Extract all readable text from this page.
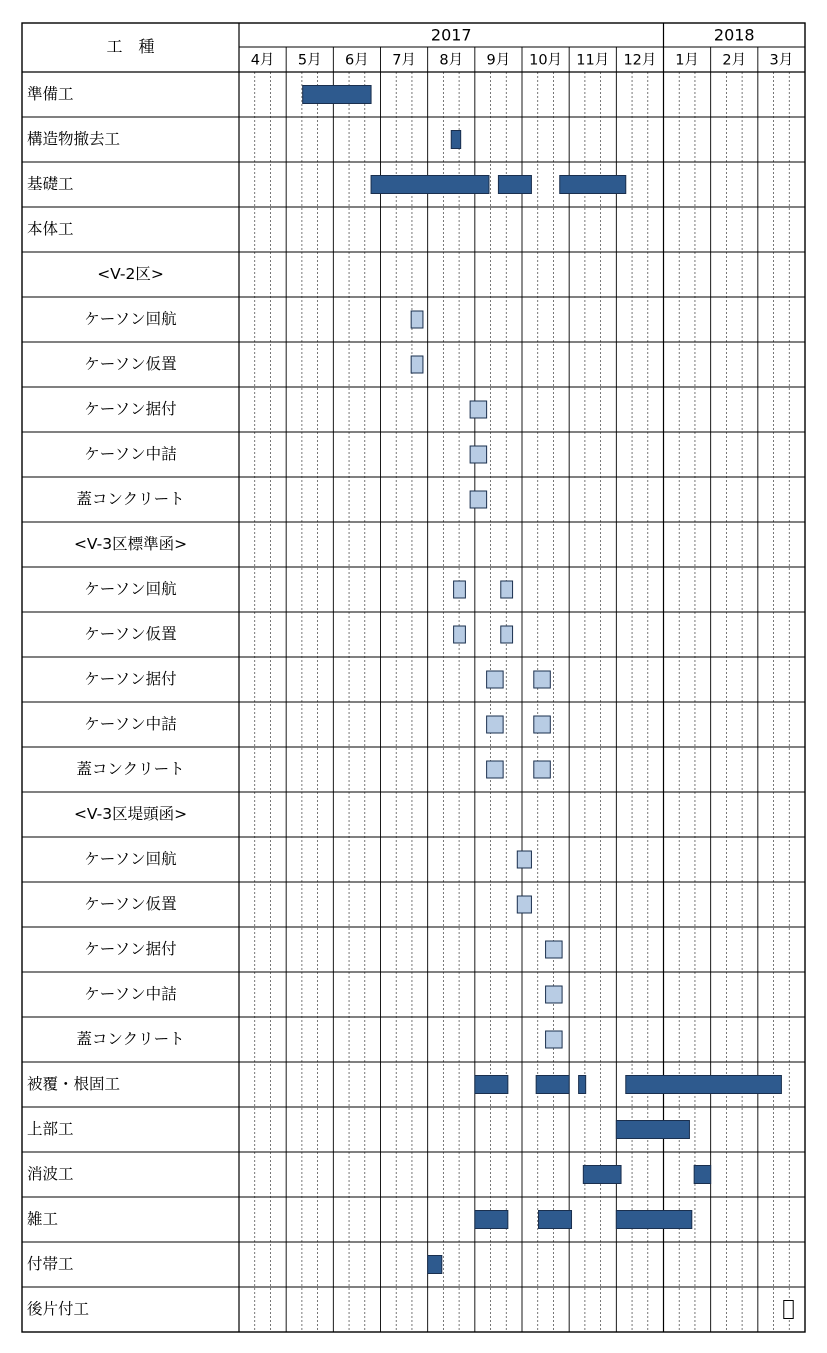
工　種
2017	2018
4月 5月 6月 7月 8月 9月 10月 11月 12月 1月 2月 3月
準備工
構造物撤去工
基礎工
本体工
<V-2区>
ケーソン回航
ケーソン仮置
ケーソン据付
ケーソン中詰
蓋コンクリート
<V-3区標準函>
ケーソン回航
ケーソン仮置
ケーソン据付
ケーソン中詰
蓋コンクリート
<V-3区堤頭函>
ケーソン回航
ケーソン仮置
ケーソン据付
ケーソン中詰
蓋コンクリート
被覆・根固工
上部工
消波工
雑工
付帯工
後片付工
